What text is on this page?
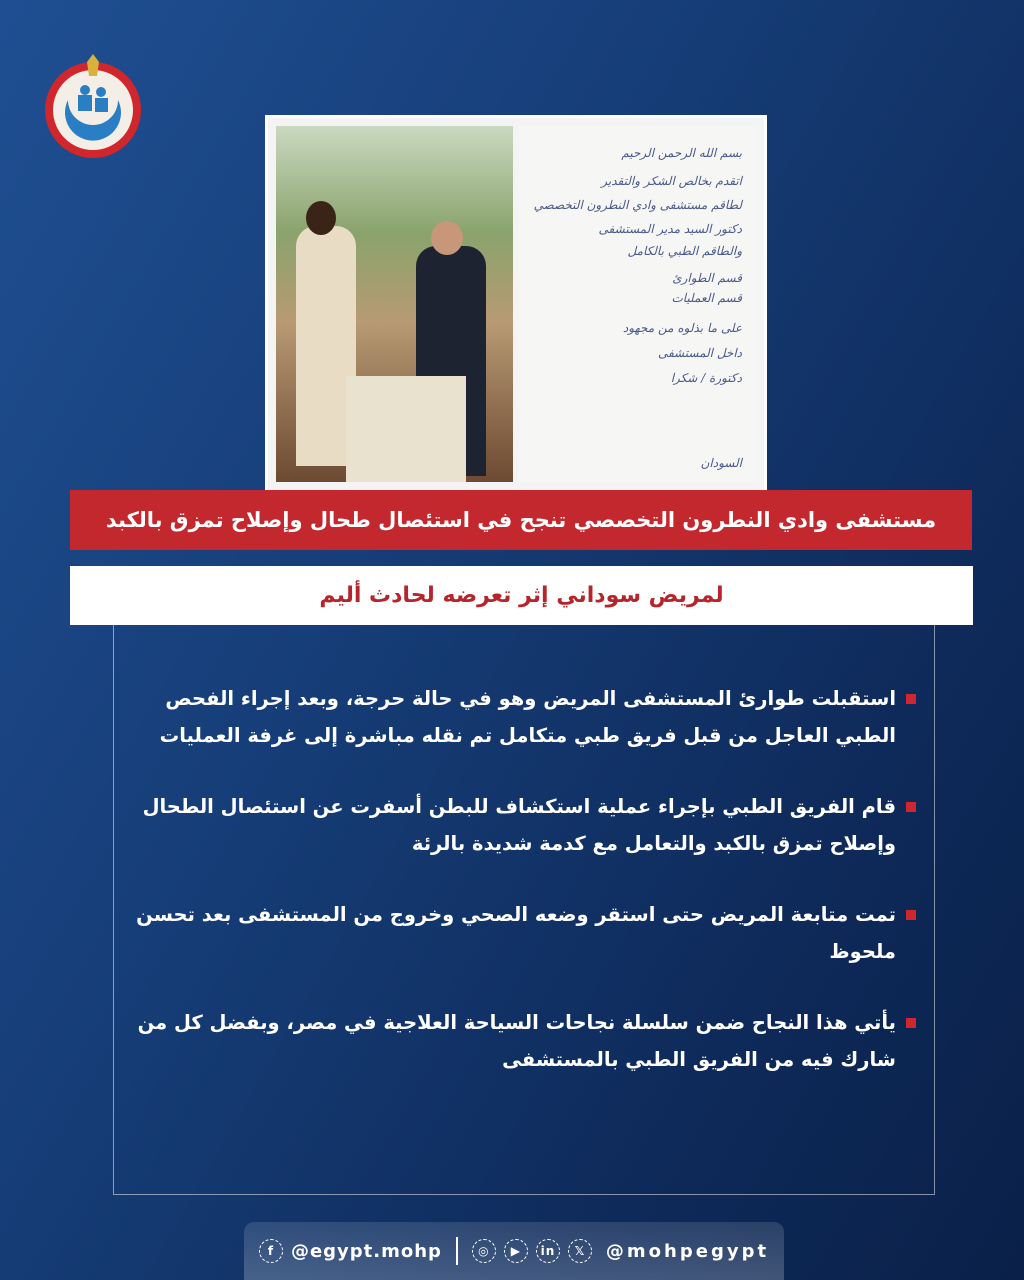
بسم الله الرحمن الرحيم
اتقدم بخالص الشكر والتقدير
لطاقم مستشفى وادي النطرون التخصصي
دكتور السيد مدير المستشفى
والطاقم الطبي بالكامل
قسم الطوارئ
قسم العمليات
على ما بذلوه من مجهود
داخل المستشفى
دكتورة / شكرا
السودان
مستشفى وادي النطرون التخصصي تنجح في استئصال طحال وإصلاح تمزق بالكبد
لمريض سوداني إثر تعرضه لحادث أليم
استقبلت طوارئ المستشفى المريض وهو في حالة حرجة، وبعد إجراء الفحص الطبي العاجل من قبل فريق طبي متكامل تم نقله مباشرة إلى غرفة العمليات
قام الفريق الطبي بإجراء عملية استكشاف للبطن أسفرت عن استئصال الطحال وإصلاح تمزق بالكبد والتعامل مع كدمة شديدة بالرئة
تمت متابعة المريض حتى استقر وضعه الصحي وخروج من المستشفى بعد تحسن ملحوظ
يأتي هذا النجاح ضمن سلسلة نجاحات السياحة العلاجية في مصر، وبفضل كل من شارك فيه من الفريق الطبي بالمستشفى
f @egypt.mohp	◎	▶	in	𝕏	@mohpegypt
